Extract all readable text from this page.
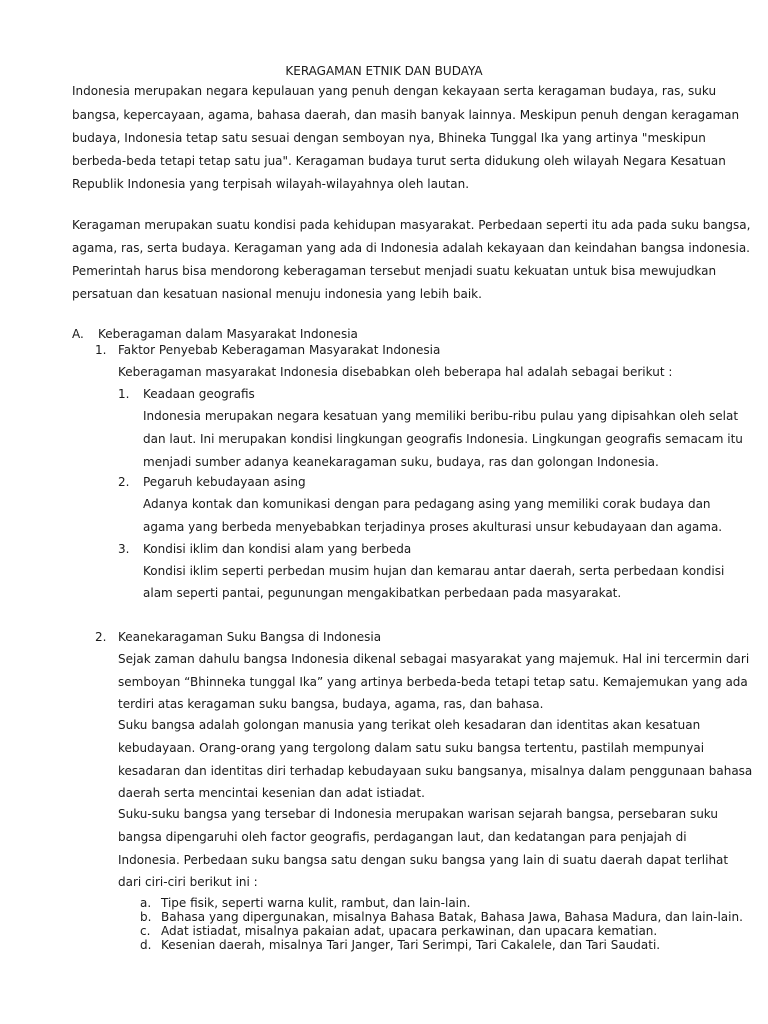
KERAGAMAN ETNIK DAN BUDAYA
Indonesia merupakan negara kepulauan yang penuh dengan kekayaan serta keragaman budaya, ras, suku
bangsa, kepercayaan, agama, bahasa daerah, dan masih banyak lainnya. Meskipun penuh dengan keragaman
budaya, Indonesia tetap satu sesuai dengan semboyan nya, Bhineka Tunggal Ika yang artinya "meskipun
berbeda-beda tetapi tetap satu jua". Keragaman budaya turut serta didukung oleh wilayah Negara Kesatuan
Republik Indonesia yang terpisah wilayah-wilayahnya oleh lautan.
Keragaman merupakan suatu kondisi pada kehidupan masyarakat. Perbedaan seperti itu ada pada suku bangsa,
agama, ras, serta budaya. Keragaman yang ada di Indonesia adalah kekayaan dan keindahan bangsa indonesia.
Pemerintah harus bisa mendorong keberagaman tersebut menjadi suatu kekuatan untuk bisa mewujudkan
persatuan dan kesatuan nasional menuju indonesia yang lebih baik.
A. Keberagaman dalam Masyarakat Indonesia
1. Faktor Penyebab Keberagaman Masyarakat Indonesia
Keberagaman masyarakat Indonesia disebabkan oleh beberapa hal adalah sebagai berikut :
1. Keadaan geografis
Indonesia merupakan negara kesatuan yang memiliki beribu-ribu pulau yang dipisahkan oleh selat
dan laut. Ini merupakan kondisi lingkungan geografis Indonesia. Lingkungan geografis semacam itu
menjadi sumber adanya keanekaragaman suku, budaya, ras dan golongan Indonesia.
2. Pegaruh kebudayaan asing
Adanya kontak dan komunikasi dengan para pedagang asing yang memiliki corak budaya dan
agama yang berbeda menyebabkan terjadinya proses akulturasi unsur kebudayaan dan agama.
3. Kondisi iklim dan kondisi alam yang berbeda
Kondisi iklim seperti perbedan musim hujan dan kemarau antar daerah, serta perbedaan kondisi
alam seperti pantai, pegunungan mengakibatkan perbedaan pada masyarakat.
2. Keanekaragaman Suku Bangsa di Indonesia
Sejak zaman dahulu bangsa Indonesia dikenal sebagai masyarakat yang majemuk. Hal ini tercermin dari
semboyan “Bhinneka tunggal Ika” yang artinya berbeda-beda tetapi tetap satu. Kemajemukan yang ada
terdiri atas keragaman suku bangsa, budaya, agama, ras, dan bahasa.
Suku bangsa adalah golongan manusia yang terikat oleh kesadaran dan identitas akan kesatuan
kebudayaan. Orang-orang yang tergolong dalam satu suku bangsa tertentu, pastilah mempunyai
kesadaran dan identitas diri terhadap kebudayaan suku bangsanya, misalnya dalam penggunaan bahasa
daerah serta mencintai kesenian dan adat istiadat.
Suku-suku bangsa yang tersebar di Indonesia merupakan warisan sejarah bangsa, persebaran suku
bangsa dipengaruhi oleh factor geografis, perdagangan laut, dan kedatangan para penjajah di
Indonesia. Perbedaan suku bangsa satu dengan suku bangsa yang lain di suatu daerah dapat terlihat
dari ciri-ciri berikut ini :
a. Tipe fisik, seperti warna kulit, rambut, dan lain-lain.
b. Bahasa yang dipergunakan, misalnya Bahasa Batak, Bahasa Jawa, Bahasa Madura, dan lain-lain.
c. Adat istiadat, misalnya pakaian adat, upacara perkawinan, dan upacara kematian.
d. Kesenian daerah, misalnya Tari Janger, Tari Serimpi, Tari Cakalele, dan Tari Saudati.
